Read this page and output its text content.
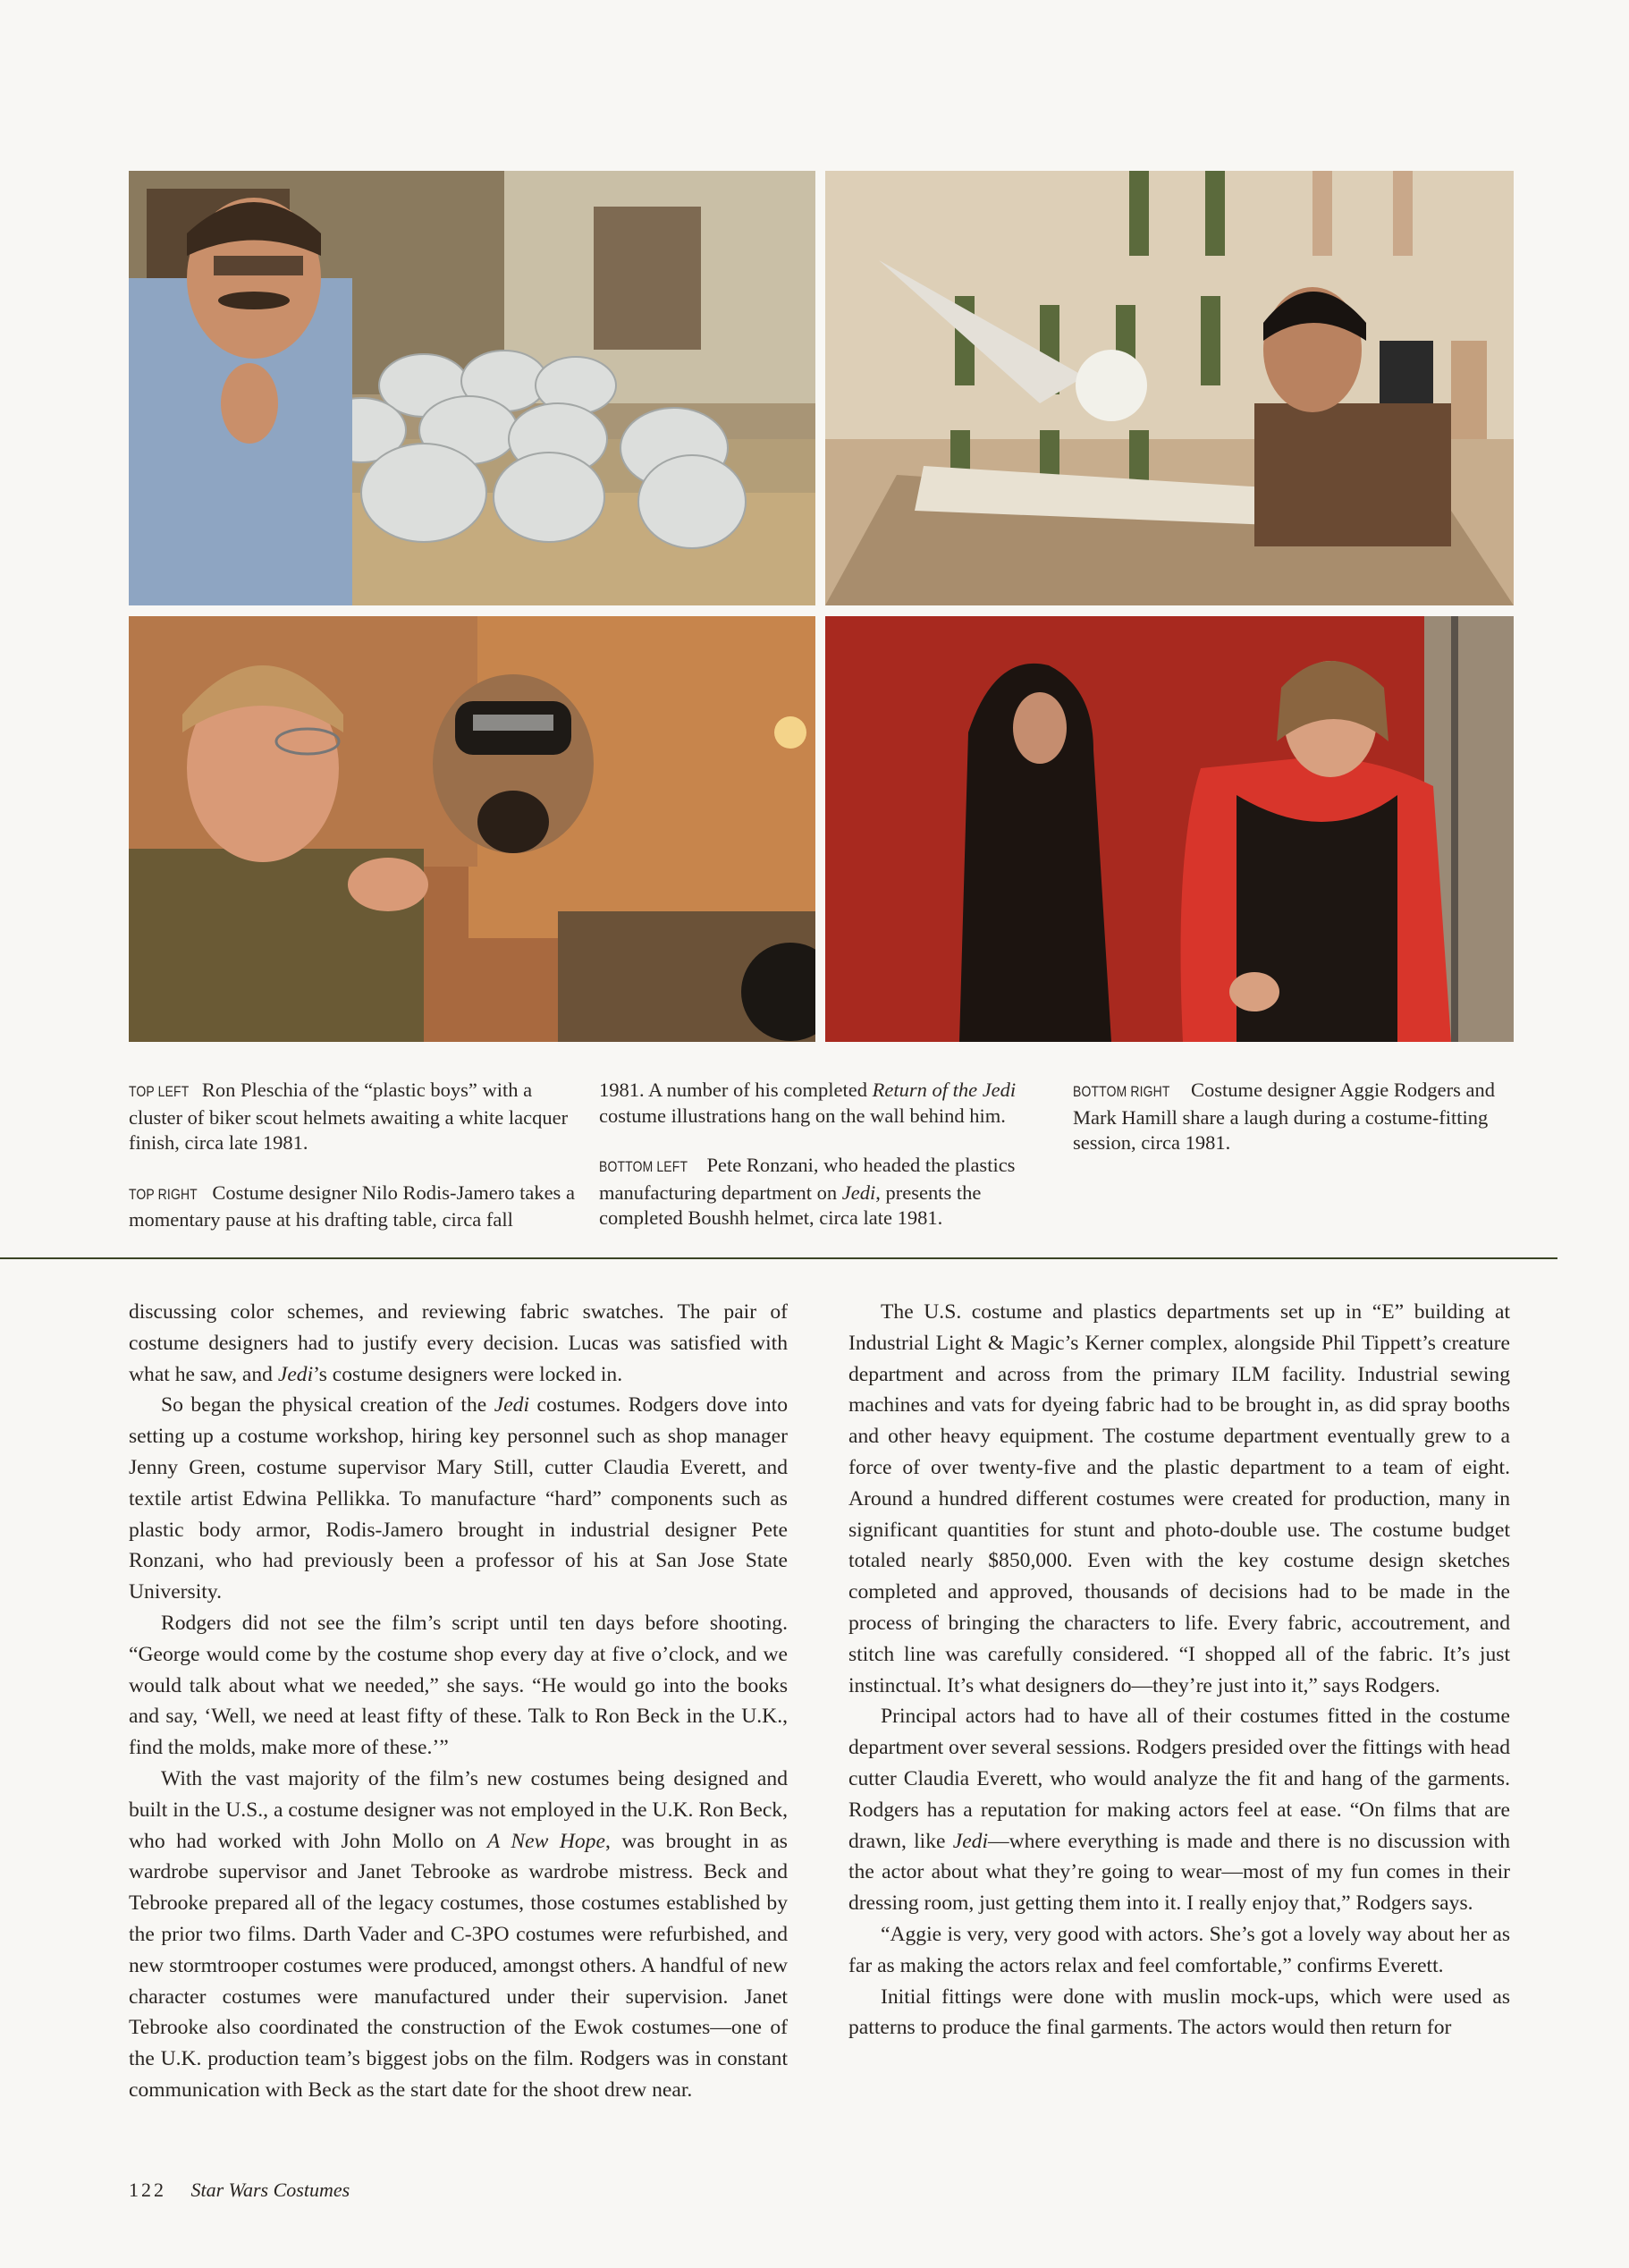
TOP LEFT Ron Pleschia of the “plastic boys” with a cluster of biker scout helmets awaiting a white lacquer finish, circa late 1981.

TOP RIGHT Costume designer Nilo Rodis-Jamero takes a momentary pause at his drafting table, circa fall

1981. A number of his completed Return of the Jedi costume illustrations hang on the wall behind him.

BOTTOM LEFT Pete Ronzani, who headed the plastics manufacturing department on Jedi, presents the completed Boushh helmet, circa late 1981.

BOTTOM RIGHT Costume designer Aggie Rodgers and Mark Hamill share a laugh during a costume-fitting session, circa 1981.

discussing color schemes, and reviewing fabric swatches. The pair of costume designers had to justify every decision. Lucas was satisfied with what he saw, and Jedi’s costume designers were locked in.

So began the physical creation of the Jedi costumes. Rodgers dove into setting up a costume workshop, hiring key personnel such as shop manager Jenny Green, costume supervisor Mary Still, cutter Claudia Everett, and textile artist Edwina Pellikka. To manufacture “hard” components such as plastic body armor, Rodis-Jamero brought in industrial designer Pete Ronzani, who had previously been a professor of his at San Jose State University.

Rodgers did not see the film’s script until ten days before shooting. “George would come by the costume shop every day at five o’clock, and we would talk about what we needed,” she says. “He would go into the books and say, ‘Well, we need at least fifty of these. Talk to Ron Beck in the U.K., find the molds, make more of these.’”

With the vast majority of the film’s new costumes being designed and built in the U.S., a costume designer was not employed in the U.K. Ron Beck, who had worked with John Mollo on A New Hope, was brought in as wardrobe supervisor and Janet Tebrooke as wardrobe mistress. Beck and Tebrooke prepared all of the legacy costumes, those costumes established by the prior two films. Darth Vader and C-3PO costumes were refurbished, and new stormtrooper costumes were produced, amongst others. A handful of new character costumes were manufactured under their supervision. Janet Tebrooke also coordinated the construction of the Ewok costumes—one of the U.K. production team’s biggest jobs on the film. Rodgers was in constant communication with Beck as the start date for the shoot drew near.

The U.S. costume and plastics departments set up in “E” building at Industrial Light & Magic’s Kerner complex, alongside Phil Tippett’s creature department and across from the primary ILM facility. Industrial sewing machines and vats for dyeing fabric had to be brought in, as did spray booths and other heavy equipment. The costume department eventually grew to a force of over twenty-five and the plastic department to a team of eight. Around a hundred different costumes were created for production, many in significant quantities for stunt and photo-double use. The costume budget totaled nearly $850,000. Even with the key costume design sketches completed and approved, thousands of decisions had to be made in the process of bringing the characters to life. Every fabric, accoutrement, and stitch line was carefully considered. “I shopped all of the fabric. It’s just instinctual. It’s what designers do—they’re just into it,” says Rodgers.

Principal actors had to have all of their costumes fitted in the costume department over several sessions. Rodgers presided over the fittings with head cutter Claudia Everett, who would analyze the fit and hang of the garments. Rodgers has a reputation for making actors feel at ease. “On films that are drawn, like Jedi—where everything is made and there is no discussion with the actor about what they’re going to wear—most of my fun comes in their dressing room, just getting them into it. I really enjoy that,” Rodgers says.

“Aggie is very, very good with actors. She’s got a lovely way about her as far as making the actors relax and feel comfortable,” confirms Everett.

Initial fittings were done with muslin mock-ups, which were used as patterns to produce the final garments. The actors would then return for

122 Star Wars Costumes
